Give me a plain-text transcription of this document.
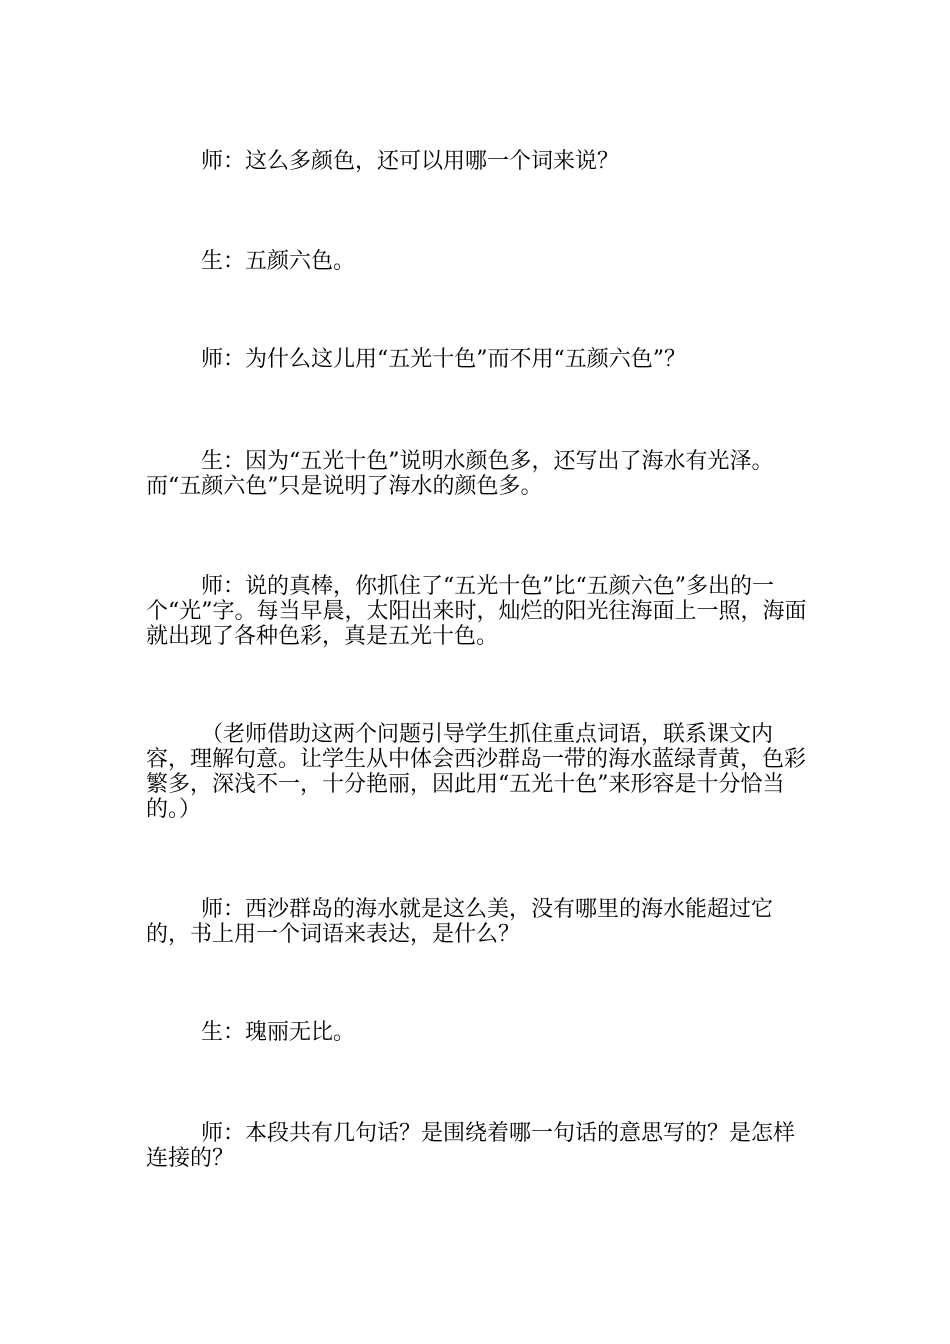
师：这么多颜色，还可以用哪一个词来说？

生：五颜六色。

师：为什么这儿用“五光十色”而不用“五颜六色”？

生：因为“五光十色”说明水颜色多，还写出了海水有光泽。而“五颜六色”只是说明了海水的颜色多。

师：说的真棒，你抓住了“五光十色”比“五颜六色”多出的一个“光”字。每当早晨，太阳出来时，灿烂的阳光往海面上一照，海面就出现了各种色彩，真是五光十色。

（老师借助这两个问题引导学生抓住重点词语，联系课文内容，理解句意。让学生从中体会西沙群岛一带的海水蓝绿青黄，色彩繁多，深浅不一，十分艳丽，因此用“五光十色”来形容是十分恰当的。）

师：西沙群岛的海水就是这么美，没有哪里的海水能超过它的，书上用一个词语来表达，是什么？

生：瑰丽无比。

师：本段共有几句话？是围绕着哪一句话的意思写的？是怎样连接的？
